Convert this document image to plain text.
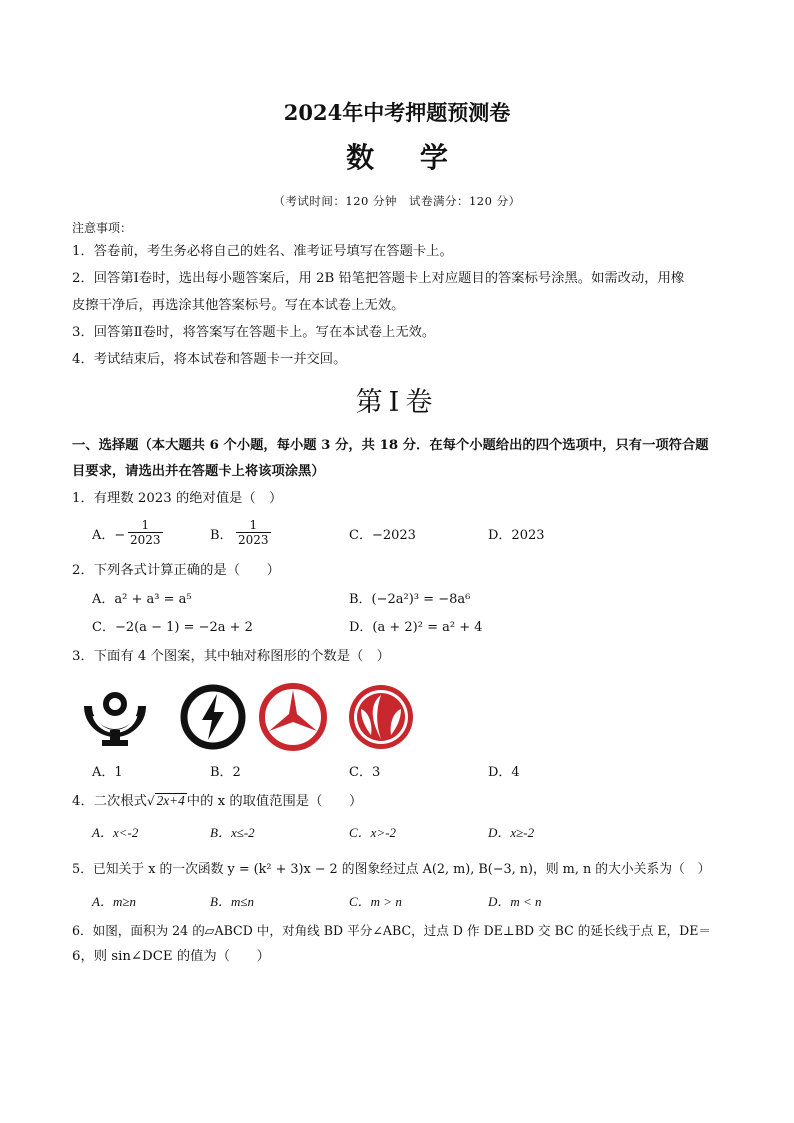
2024年中考押题预测卷
数 学
（考试时间：120 分钟　试卷满分：120 分）
注意事项：
1．答卷前，考生务必将自己的姓名、准考证号填写在答题卡上。
2．回答第Ⅰ卷时，选出每小题答案后，用 2B 铅笔把答题卡上对应题目的答案标号涂黑。如需改动，用橡
皮擦干净后，再选涂其他答案标号。写在本试卷上无效。
3．回答第Ⅱ卷时，将答案写在答题卡上。写在本试卷上无效。
4．考试结束后，将本试卷和答题卡一并交回。
第Ⅰ卷
一、选择题（本大题共 6 个小题，每小题 3 分，共 18 分．在每个小题给出的四个选项中，只有一项符合题
目要求，请选出并在答题卡上将该项涂黑）
1．有理数 2023 的绝对值是（　）
A．− $\frac{1}{2023}$	B． $\frac{1}{2023}$	C．−2023	D．2023
2．下列各式计算正确的是（　　）
A．a² + a³ = a⁵	B．(−2a²)³ = −8a⁶
C．−2(a − 1) = −2a + 2	D．(a + 2)² = a² + 4
3．下面有 4 个图案，其中轴对称图形的个数是（　）
A．1	B．2	C．3	D．4
4．二次根式√ 2x+4 中的 x 的取值范围是（　　）
A．x<-2	B．x≤-2	C．x>-2	D．x≥-2
5．已知关于 x 的一次函数 y = (k² + 3)x − 2 的图象经过点 A(2, m), B(−3, n)，则 m, n 的大小关系为（　）
A．m≥n	B．m≤n	C．m > n	D．m < n
6．如图，面积为 24 的▱ABCD 中，对角线 BD 平分∠ABC，过点 D 作 DE⊥BD 交 BC 的延长线于点 E，DE＝
6，则 sin∠DCE 的值为（　　）
